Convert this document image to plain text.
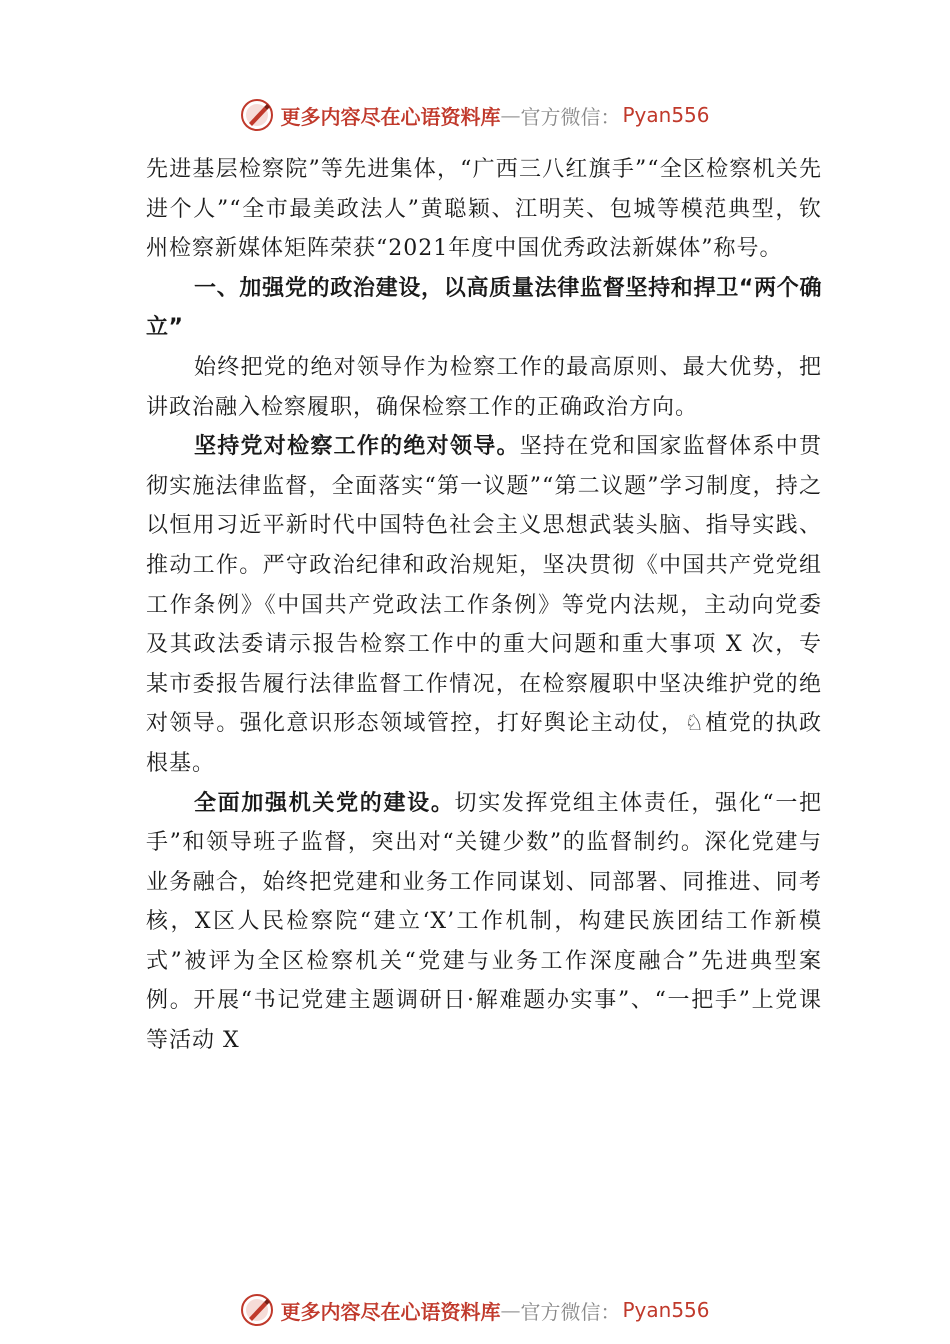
更多内容尽在心语资料库 — 官方微信： Pyan556

先进基层检察院”等先进集体，“广西三八红旗手”“全区检察机关先进个人”“全市最美政法人”黄聪颖、江明芙、包城等模范典型，钦州检察新媒体矩阵荣获“2021年度中国优秀政法新媒体”称号。

一、加强党的政治建设，以高质量法律监督坚持和捍卫“两个确立”

始终把党的绝对领导作为检察工作的最高原则、最大优势，把讲政治融入检察履职，确保检察工作的正确政治方向。

坚持党对检察工作的绝对领导。坚持在党和国家监督体系中贯彻实施法律监督，全面落实“第一议题”“第二议题”学习制度，持之以恒用习近平新时代中国特色社会主义思想武装头脑、指导实践、推动工作。严守政治纪律和政治规矩，坚决贯彻《中国共产党党组工作条例》《中国共产党政法工作条例》等党内法规，主动向党委及其政法委请示报告检察工作中的重大问题和重大事项 X 次，专某市委报告履行法律监督工作情况，在检察履职中坚决维护党的绝对领导。强化意识形态领域管控，打好舆论主动仗，♘植党的执政根基。

全面加强机关党的建设。切实发挥党组主体责任，强化“一把手”和领导班子监督，突出对“关键少数”的监督制约。深化党建与业务融合，始终把党建和业务工作同谋划、同部署、同推进、同考核，X区人民检察院“建立‘X’工作机制，构建民族团结工作新模式”被评为全区检察机关“党建与业务工作深度融合”先进典型案例。开展“书记党建主题调研日·解难题办实事”、“一把手”上党课等活动 X

更多内容尽在心语资料库 — 官方微信： Pyan556
